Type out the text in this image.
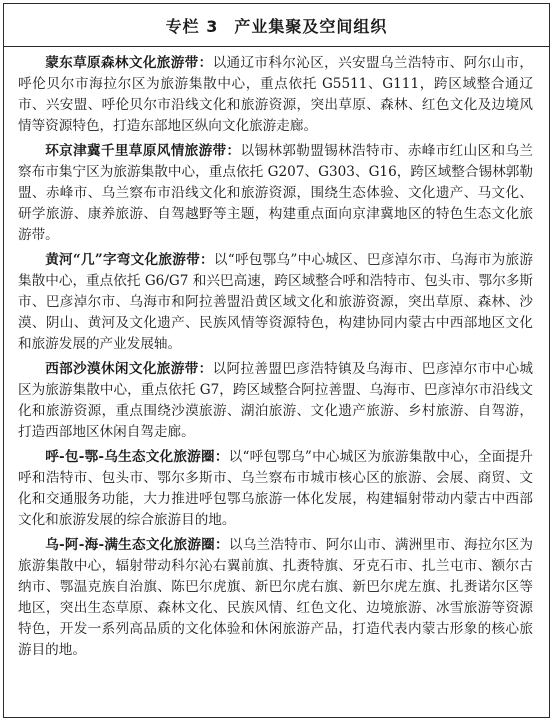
专栏 3 产业集聚及空间组织

蒙东草原森林文化旅游带：以通辽市科尔沁区，兴安盟乌兰浩特市、阿尔山市，呼伦贝尔市海拉尔区为旅游集散中心，重点依托 G5511、G111，跨区域整合通辽市、兴安盟、呼伦贝尔市沿线文化和旅游资源，突出草原、森林、红色文化及边境风情等资源特色，打造东部地区纵向文化旅游走廊。

环京津冀千里草原风情旅游带：以锡林郭勒盟锡林浩特市、赤峰市红山区和乌兰察布市集宁区为旅游集散中心，重点依托 G207、G303、G16，跨区域整合锡林郭勒盟、赤峰市、乌兰察布市沿线文化和旅游资源，围绕生态体验、文化遗产、马文化、研学旅游、康养旅游、自驾越野等主题，构建重点面向京津冀地区的特色生态文化旅游带。

黄河“几”字弯文化旅游带：以“呼包鄂乌”中心城区、巴彦淖尔市、乌海市为旅游集散中心，重点依托 G6/G7 和兴巴高速，跨区域整合呼和浩特市、包头市、鄂尔多斯市、巴彦淖尔市、乌海市和阿拉善盟沿黄区域文化和旅游资源，突出草原、森林、沙漠、阴山、黄河及文化遗产、民族风情等资源特色，构建协同内蒙古中西部地区文化和旅游发展的产业发展轴。

西部沙漠休闲文化旅游带：以阿拉善盟巴彦浩特镇及乌海市、巴彦淖尔市中心城区为旅游集散中心，重点依托 G7，跨区域整合阿拉善盟、乌海市、巴彦淖尔市沿线文化和旅游资源，重点围绕沙漠旅游、湖泊旅游、文化遗产旅游、乡村旅游、自驾游，打造西部地区休闲自驾走廊。

呼-包-鄂-乌生态文化旅游圈：以“呼包鄂乌”中心城区为旅游集散中心，全面提升呼和浩特市、包头市、鄂尔多斯市、乌兰察布市城市核心区的旅游、会展、商贸、文化和交通服务功能，大力推进呼包鄂乌旅游一体化发展，构建辐射带动内蒙古中西部文化和旅游发展的综合旅游目的地。

乌-阿-海-满生态文化旅游圈：以乌兰浩特市、阿尔山市、满洲里市、海拉尔区为旅游集散中心，辐射带动科尔沁右翼前旗、扎赉特旗、牙克石市、扎兰屯市、额尔古纳市、鄂温克族自治旗、陈巴尔虎旗、新巴尔虎右旗、新巴尔虎左旗、扎赉诺尔区等地区，突出生态草原、森林文化、民族风情、红色文化、边境旅游、冰雪旅游等资源特色，开发一系列高品质的文化体验和休闲旅游产品，打造代表内蒙古形象的核心旅游目的地。
